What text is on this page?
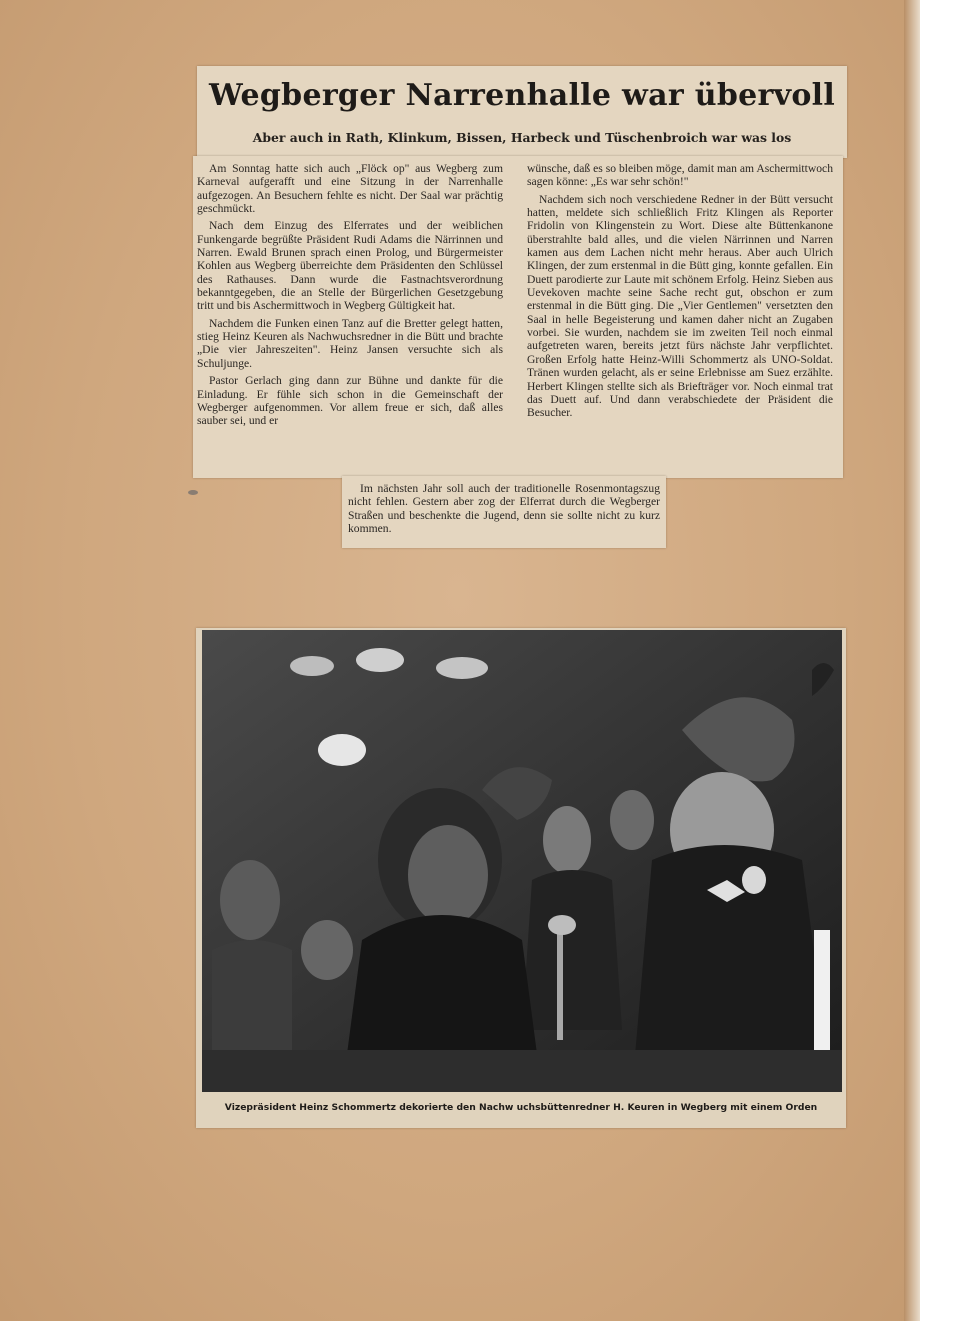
Wegberger Narrenhalle war übervoll
Aber auch in Rath, Klinkum, Bissen, Harbeck und Tüschenbroich war was los

Am Sonntag hatte sich auch „Flöck op" aus Wegberg zum Karneval aufgerafft und eine Sitzung in der Narrenhalle aufgezogen. An Besuchern fehlte es nicht. Der Saal war prächtig geschmückt.

Nach dem Einzug des Elferrates und der weiblichen Funkengarde begrüßte Präsident Rudi Adams die Närrinnen und Narren. Ewald Brunen sprach einen Prolog, und Bürgermeister Kohlen aus Wegberg überreichte dem Präsidenten den Schlüssel des Rathauses. Dann wurde die Fastnachtsverordnung bekanntgegeben, die an Stelle der Bürgerlichen Gesetzgebung tritt und bis Aschermittwoch in Wegberg Gültigkeit hat.

Nachdem die Funken einen Tanz auf die Bretter gelegt hatten, stieg Heinz Keuren als Nachwuchsredner in die Bütt und brachte „Die vier Jahreszeiten". Heinz Jansen versuchte sich als Schuljunge.

Pastor Gerlach ging dann zur Bühne und dankte für die Einladung. Er fühle sich schon in die Gemeinschaft der Wegberger aufgenommen. Vor allem freue er sich, daß alles sauber sei, und er

wünsche, daß es so bleiben möge, damit man am Aschermittwoch sagen könne: „Es war sehr schön!"

Nachdem sich noch verschiedene Redner in der Bütt versucht hatten, meldete sich schließlich Fritz Klingen als Reporter Fridolin von Klingenstein zu Wort. Diese alte Büttenkanone überstrahlte bald alles, und die vielen Närrinnen und Narren kamen aus dem Lachen nicht mehr heraus. Aber auch Ulrich Klingen, der zum erstenmal in die Bütt ging, konnte gefallen. Ein Duett parodierte zur Laute mit schönem Erfolg. Heinz Sieben aus Uevekoven machte seine Sache recht gut, obschon er zum erstenmal in die Bütt ging. Die „Vier Gentlemen" versetzten den Saal in helle Begeisterung und kamen daher nicht an Zugaben vorbei. Sie wurden, nachdem sie im zweiten Teil noch einmal aufgetreten waren, bereits jetzt fürs nächste Jahr verpflichtet. Großen Erfolg hatte Heinz-Willi Schommertz als UNO-Soldat. Tränen wurden gelacht, als er seine Erlebnisse am Suez erzählte. Herbert Klingen stellte sich als Briefträger vor. Noch einmal trat das Duett auf. Und dann verabschiedete der Präsident die Besucher.

Im nächsten Jahr soll auch der traditionelle Rosenmontagszug nicht fehlen. Gestern aber zog der Elferrat durch die Wegberger Straßen und beschenkte die Jugend, denn sie sollte nicht zu kurz kommen.

Vizepräsident Heinz Schommertz dekorierte den Nachw uchsbüttenredner H. Keuren in Wegberg mit einem Orden
